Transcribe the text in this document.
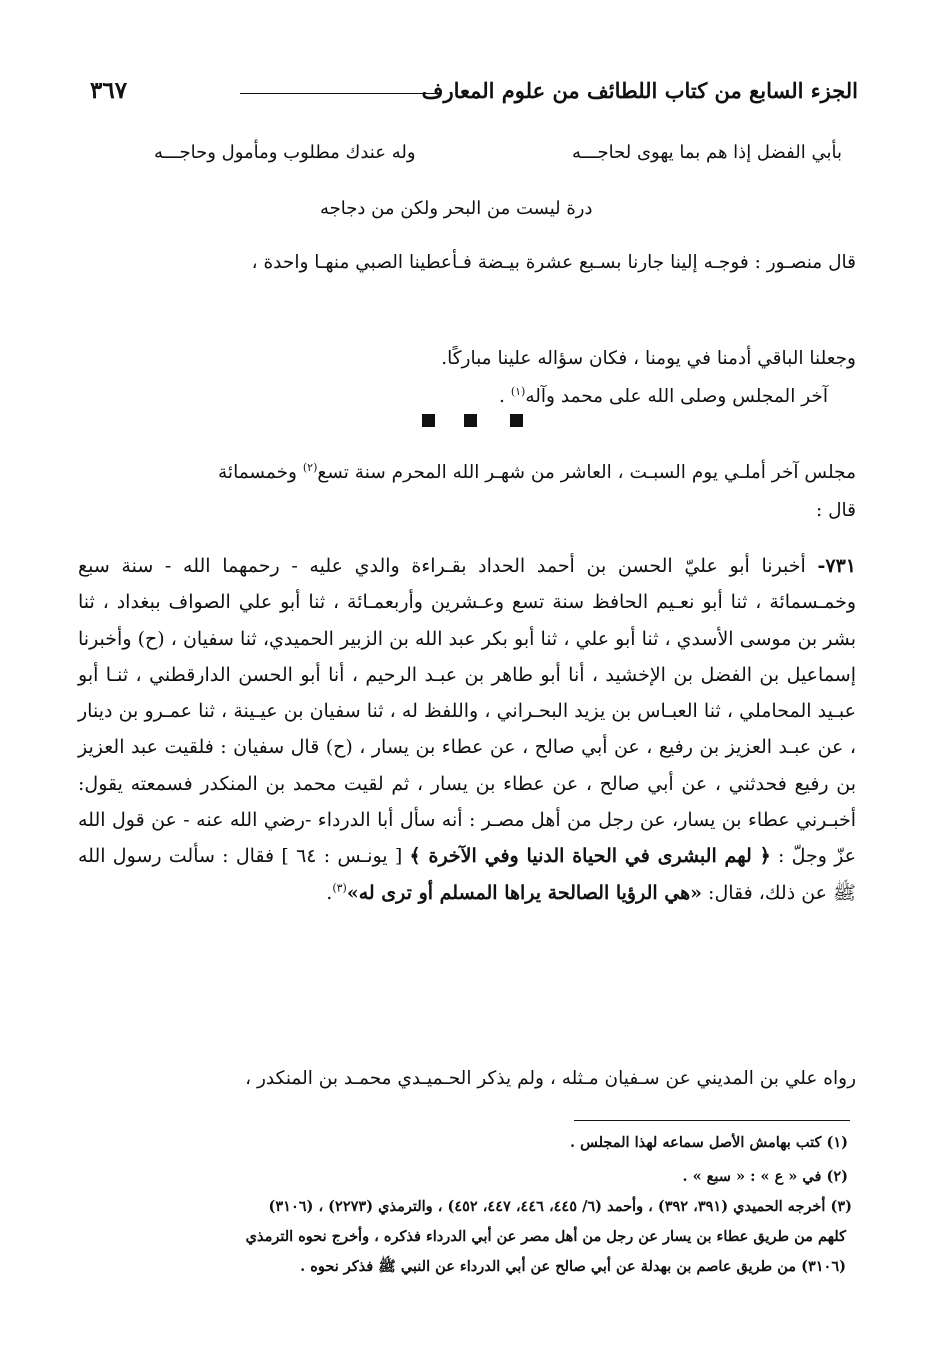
الجزء السابع من كتاب اللطائف من علوم المعارف
٣٦٧
بأبي الفضل إذا هم بما يهوى لحاجـــه
وله عندك مطلوب ومأمول وحاجـــه
درة ليست من البحر ولكن من دجاجه
قال منصـور : فوجـه إلينا جارنا بسـبع عشرة بيـضة فـأعطينا الصبي منهـا واحدة ،
وجعلنا الباقي أدمنا في يومنا ، فكان سؤاله علينا مباركًا.
آخر المجلس وصلى الله على محمد وآله$^{(١)}$ .
مجلس آخر أملـي يوم السبـت ، العاشر من شهـر الله المحرم سنة تسع$^{(٢)}$ وخمسمائة
قال :
٧٣١- أخبرنا أبو عليّ الحسن بن أحمد الحداد بقـراءة والدي عليه - رحمهما الله - سنة سبع وخمـسمائة ، ثنا أبو نعـيم الحافظ سنة تسع وعـشرين وأربعمـائة ، ثنا أبو علي الصواف ببغداد ، ثنا بشر بن موسى الأسدي ، ثنا أبو علي ، ثنا أبو بكر عبد الله بن الزبير الحميدي، ثنا سفيان ، (ح) وأخبرنا إسماعيل بن الفضل بن الإخشيد ، أنا أبو طاهر بن عبـد الرحيم ، أنا أبو الحسن الدارقطني ، ثنـا أبو عبـيد المحاملي ، ثنا العبـاس بن يزيد البحـراني ، واللفظ له ، ثنا سفيان بن عيـينة ، ثنا عمـرو بن دينار ، عن عبـد العزيز بن رفيع ، عن أبي صالح ، عن عطاء بن يسار ، (ح) قال سفيان : فلقيت عبد العزيز بن رفيع فحدثني ، عن أبي صالح ، عن عطاء بن يسار ، ثم لقيت محمد بن المنكدر فسمعته يقول: أخبـرني عطاء بن يسار، عن رجل من أهل مصـر : أنه سأل أبا الدرداء -رضي الله عنه - عن قول الله عزّ وجلّ : ﴿ لهم البشرى في الحياة الدنيا وفي الآخرة ﴾ [ يونـس : ٦٤ ] فقال : سألت رسول الله ﷺ عن ذلك، فقال: «هي الرؤيا الصالحة يراها المسلم أو ترى له»$^{(٣)}$.
رواه علي بن المديني عن سـفيان مـثله ، ولم يذكر الحـميـدي محمـد بن المنكدر ،
(١) كتب بهامش الأصل سماعه لهذا المجلس .
(٢) في « ع » : « سبع » .
(٣) أخرجه الحميدي (٣٩١، ٣٩٢) ، وأحمد (٦/ ٤٤٥، ٤٤٦، ٤٤٧، ٤٥٢) ، والترمذي (٢٢٧٣) ، (٣١٠٦)
كلهم من طريق عطاء بن يسار عن رجل من أهل مصر عن أبي الدرداء فذكره ، وأخرج نحوه الترمذي
(٣١٠٦) من طريق عاصم بن بهدلة عن أبي صالح عن أبي الدرداء عن النبي ﷺ فذكر نحوه .
